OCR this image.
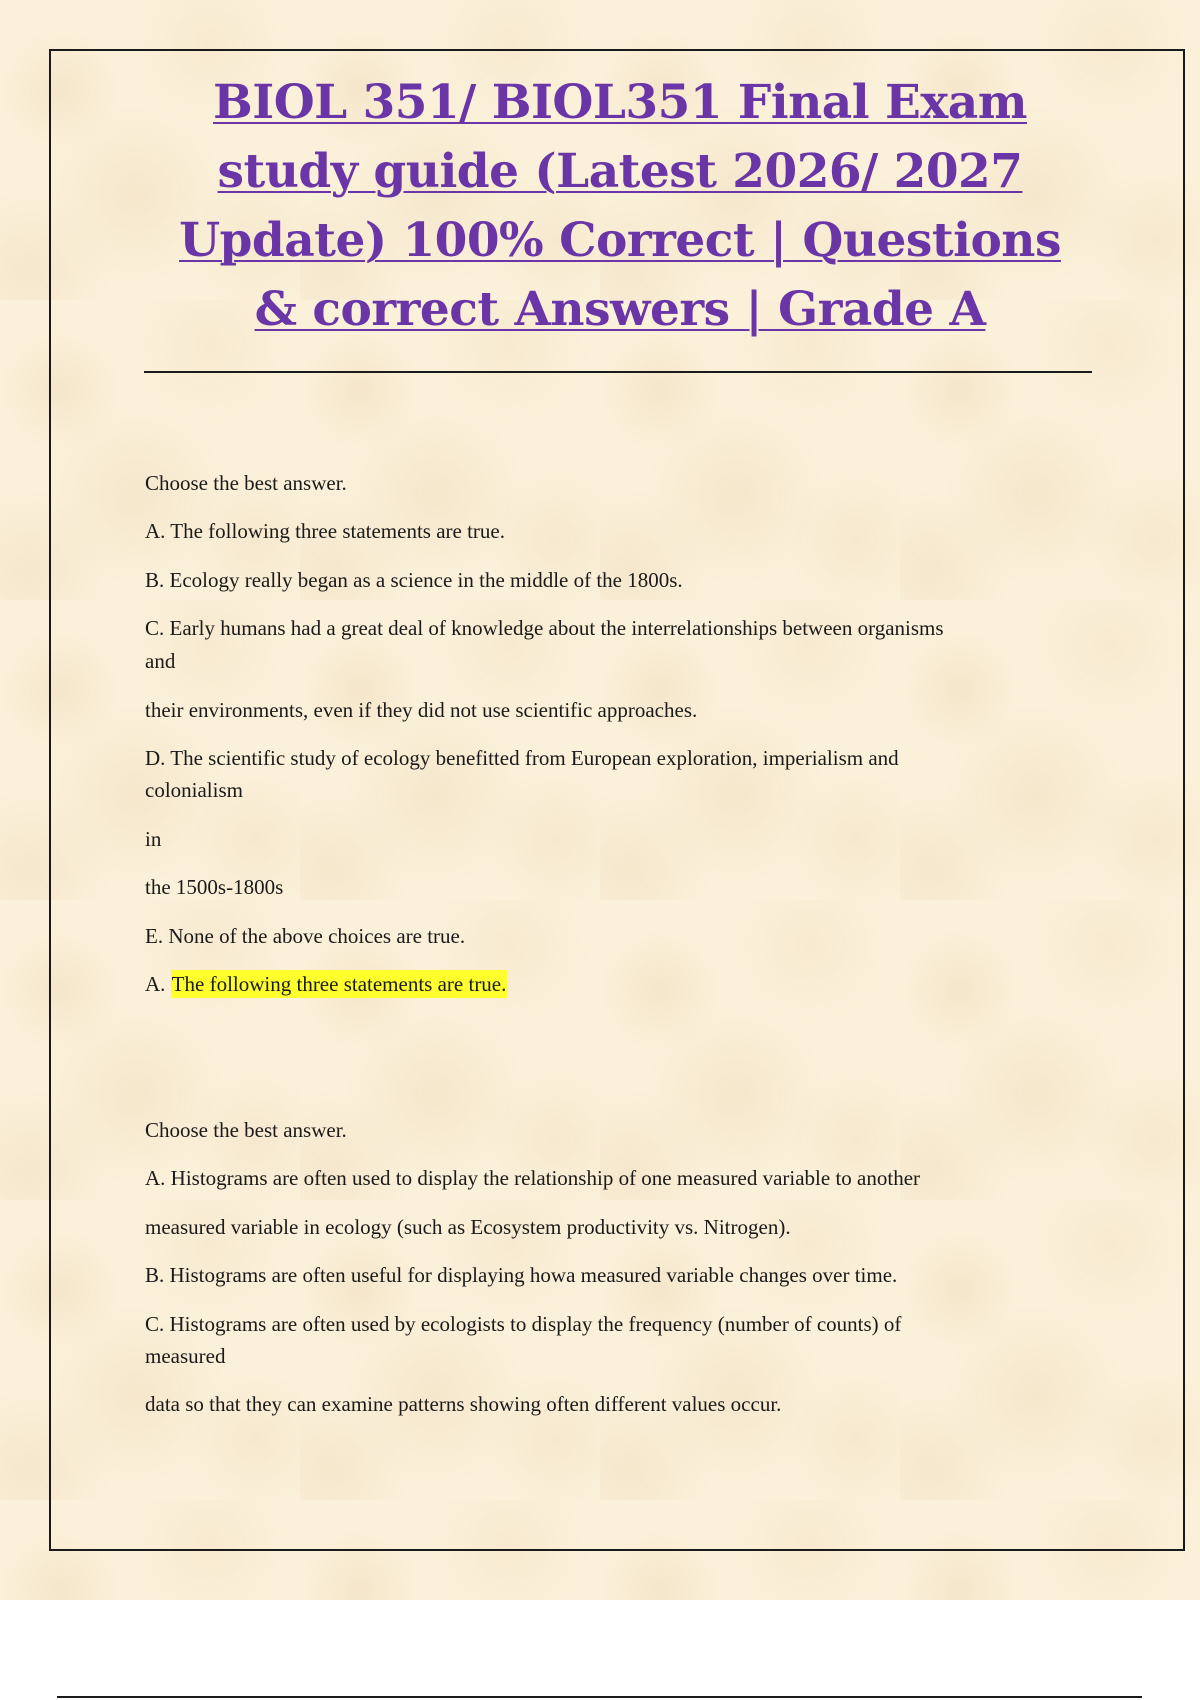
BIOL 351/ BIOL351 Final Exam
study guide (Latest 2026/ 2027
Update) 100% Correct | Questions
& correct Answers | Grade A

Choose the best answer.

A. The following three statements are true.

B. Ecology really began as a science in the middle of the 1800s.

C. Early humans had a great deal of knowledge about the interrelationships between organisms

and

their environments, even if they did not use scientific approaches.

D. The scientific study of ecology benefitted from European exploration, imperialism and

colonialism

in

the 1500s-1800s

E. None of the above choices are true.

A. The following three statements are true.

Choose the best answer.

A. Histograms are often used to display the relationship of one measured variable to another

measured variable in ecology (such as Ecosystem productivity vs. Nitrogen).

B. Histograms are often useful for displaying howa measured variable changes over time.

C. Histograms are often used by ecologists to display the frequency (number of counts) of

measured

data so that they can examine patterns showing often different values occur.
